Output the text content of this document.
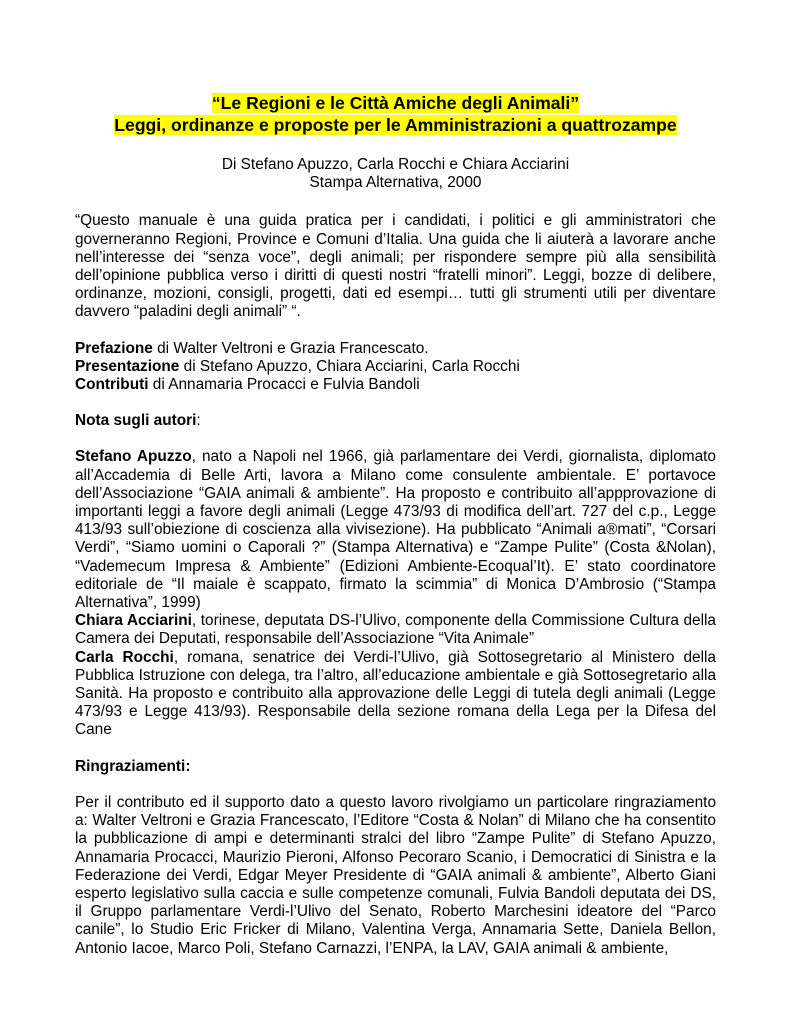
“Le Regioni e le Città Amiche degli Animali”
Leggi, ordinanze e proposte per le Amministrazioni a quattrozampe

Di Stefano Apuzzo, Carla Rocchi e Chiara Acciarini

Stampa Alternativa, 2000

“Questo manuale è una guida pratica per i candidati, i politici e gli amministratori che governeranno Regioni, Province e Comuni d’Italia. Una guida che li aiuterà a lavorare anche nell’interesse dei “senza voce”, degli animali; per rispondere sempre più alla sensibilità dell’opinione pubblica verso i diritti di questi nostri “fratelli minori”. Leggi, bozze di delibere, ordinanze, mozioni, consigli, progetti, dati ed esempi… tutti gli strumenti utili per diventare davvero “paladini degli animali” “.

Prefazione di Walter Veltroni e Grazia Francescato.

Presentazione di Stefano Apuzzo, Chiara Acciarini, Carla Rocchi

Contributi di Annamaria Procacci e Fulvia Bandoli

Nota sugli autori:

Stefano Apuzzo, nato a Napoli nel 1966, già parlamentare dei Verdi, giornalista, diplomato all’Accademia di Belle Arti, lavora a Milano come consulente ambientale. E’ portavoce dell’Associazione “GAIA animali & ambiente”. Ha proposto e contribuito all’appprovazione di importanti leggi a favore degli animali (Legge 473/93 di modifica dell’art. 727 del c.p., Legge 413/93 sull’obiezione di coscienza alla vivisezione). Ha pubblicato “Animali a®mati”, “Corsari Verdi”, “Siamo uomini o Caporali ?” (Stampa Alternativa) e “Zampe Pulite” (Costa &Nolan), “Vademecum Impresa & Ambiente” (Edizioni Ambiente-Ecoqual’It). E’ stato coordinatore editoriale de “Il maiale è scappato, firmato la scimmia” di Monica D’Ambrosio (“Stampa Alternativa”, 1999)

Chiara Acciarini, torinese, deputata DS-l’Ulivo, componente della Commissione Cultura della Camera dei Deputati, responsabile dell’Associazione “Vita Animale”

Carla Rocchi, romana, senatrice dei Verdi-l’Ulivo, già Sottosegretario al Ministero della Pubblica Istruzione con delega, tra l’altro, all’educazione ambientale e già Sottosegretario alla Sanità. Ha proposto e contribuito alla approvazione delle Leggi di tutela degli animali (Legge 473/93 e Legge 413/93). Responsabile della sezione romana della Lega per la Difesa del Cane

Ringraziamenti:

Per il contributo ed il supporto dato a questo lavoro rivolgiamo un particolare ringraziamento a: Walter Veltroni e Grazia Francescato, l’Editore “Costa & Nolan” di Milano che ha consentito la pubblicazione di ampi e determinanti stralci del libro “Zampe Pulite” di Stefano Apuzzo, Annamaria Procacci, Maurizio Pieroni, Alfonso Pecoraro Scanio, i Democratici di Sinistra e la Federazione dei Verdi, Edgar Meyer Presidente di “GAIA animali & ambiente”, Alberto Giani esperto legislativo sulla caccia e sulle competenze comunali, Fulvia Bandoli deputata dei DS, il Gruppo parlamentare Verdi-l’Ulivo del Senato, Roberto Marchesini ideatore del “Parco canile”, lo Studio Eric Fricker di Milano, Valentina Verga, Annamaria Sette, Daniela Bellon, Antonio Iacoe, Marco Poli, Stefano Carnazzi, l’ENPA, la LAV, GAIA animali & ambiente,
